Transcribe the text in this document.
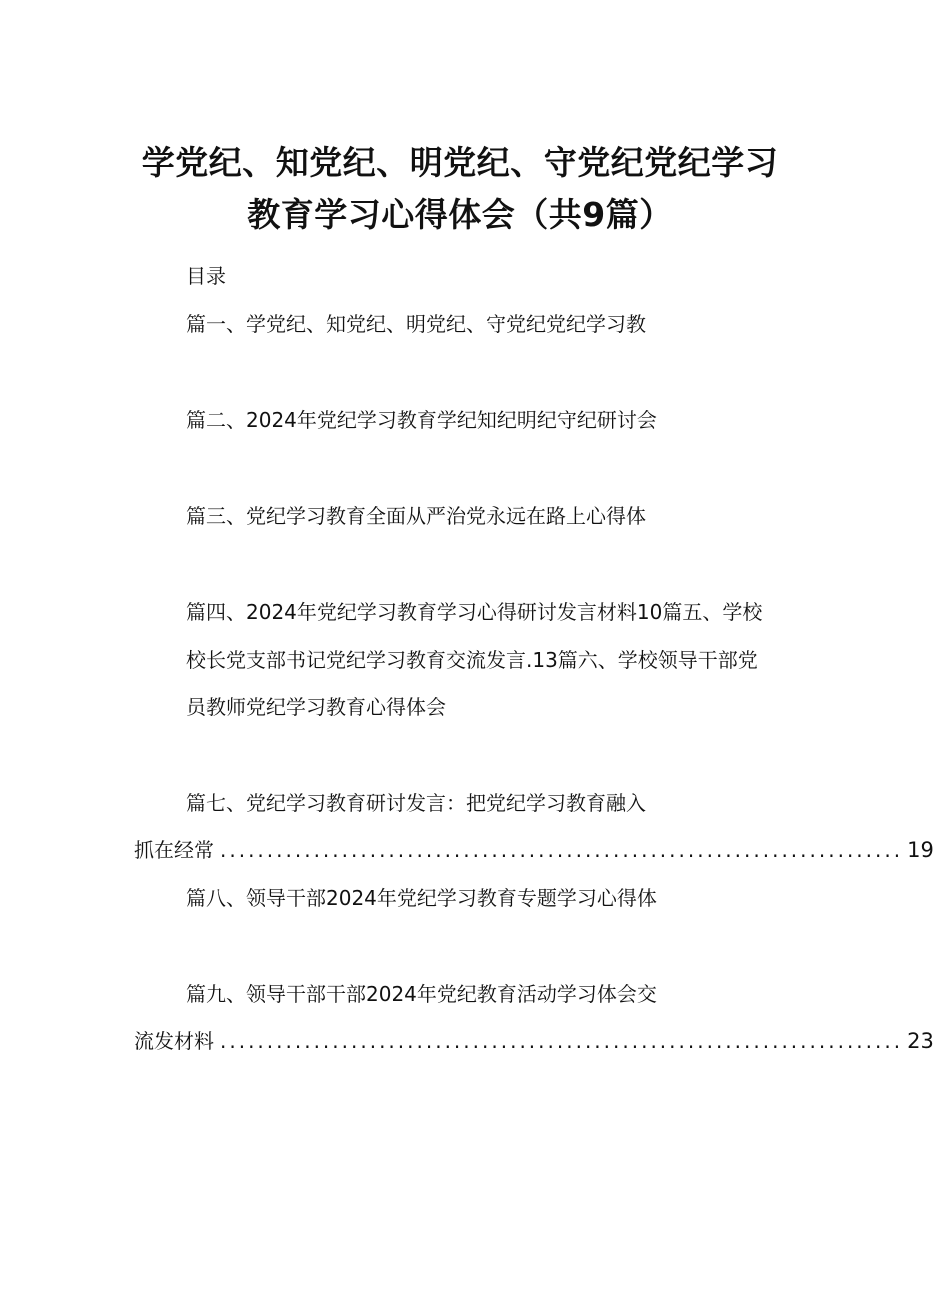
学党纪、知党纪、明党纪、守党纪党纪学习
教育学习心得体会（共9篇）
目录
篇一、学党纪、知党纪、明党纪、守党纪党纪学习教
篇二、2024年党纪学习教育学纪知纪明纪守纪研讨会
篇三、党纪学习教育全面从严治党永远在路上心得体
篇四、2024年党纪学习教育学习心得研讨发言材料10篇五、学校
校长党支部书记党纪学习教育交流发言.13篇六、学校领导干部党
员教师党纪学习教育心得体会
篇七、党纪学习教育研讨发言：把党纪学习教育融入
抓在经常 ......................................................................... 19
篇八、领导干部2024年党纪学习教育专题学习心得体
篇九、领导干部干部2024年党纪教育活动学习体会交
流发材料 ......................................................................... 23
